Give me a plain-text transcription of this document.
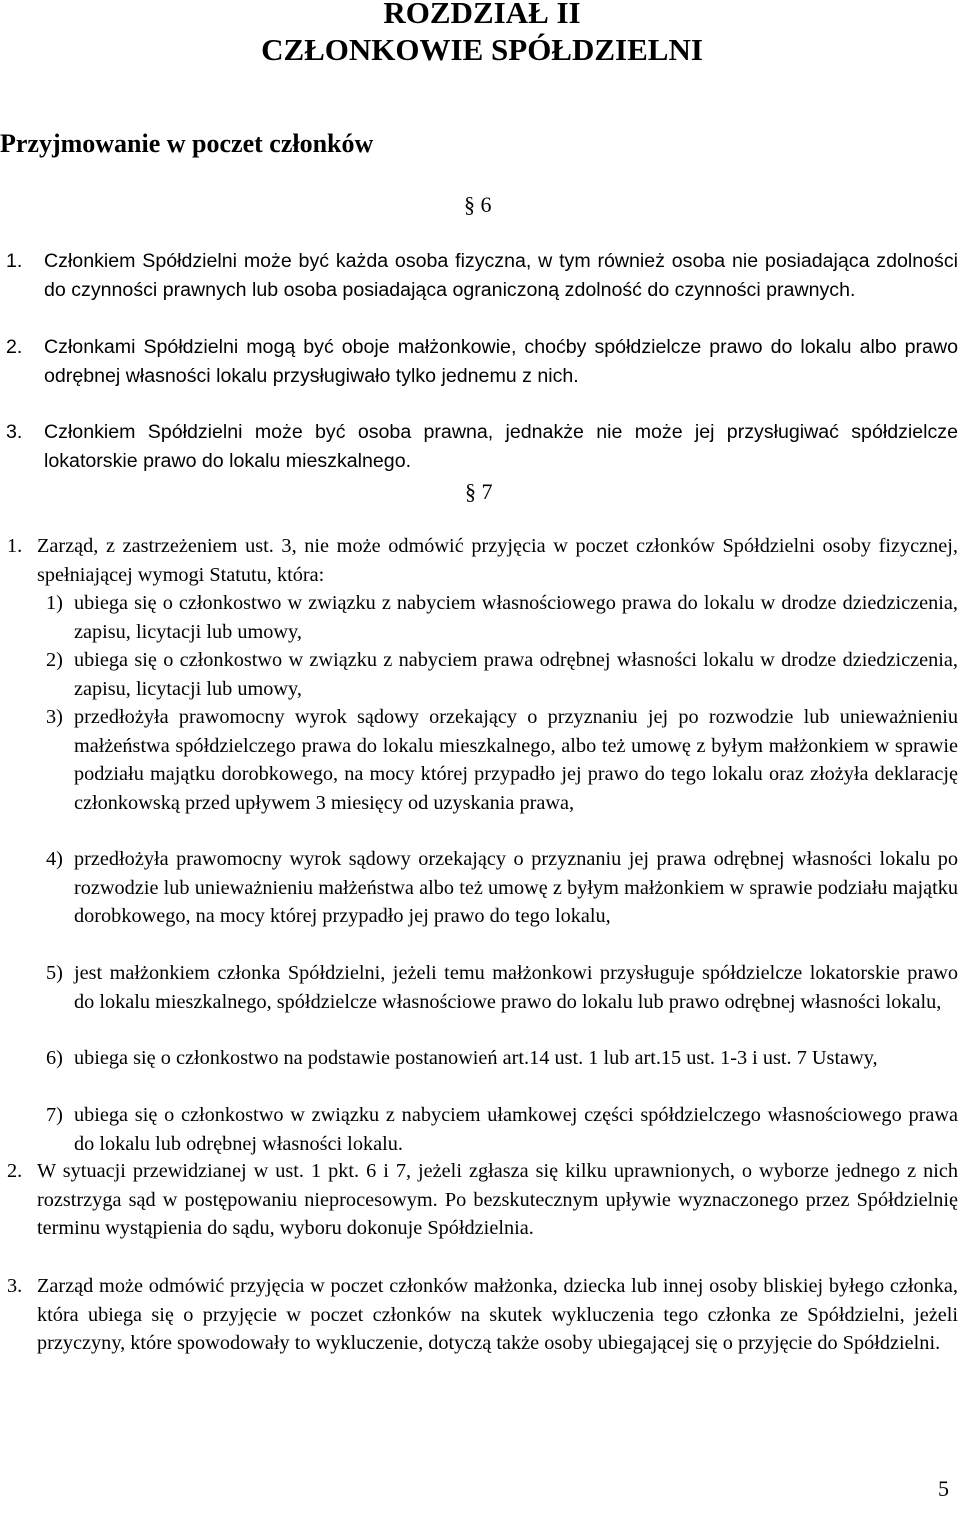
ROZDZIAŁ II
CZŁONKOWIE SPÓŁDZIELNI
Przyjmowanie w poczet członków
§ 6
1. Członkiem Spółdzielni może być każda osoba fizyczna, w tym również osoba nie posiadająca zdolności do czynności prawnych lub osoba posiadająca ograniczoną zdolność do czynności prawnych.
2. Członkami Spółdzielni mogą być oboje małżonkowie, choćby spółdzielcze prawo do lokalu albo prawo odrębnej własności lokalu przysługiwało tylko jednemu z nich.
3. Członkiem Spółdzielni może być osoba prawna, jednakże nie może jej przysługiwać spółdzielcze lokatorskie prawo do lokalu mieszkalnego.
§ 7
1. Zarząd, z zastrzeżeniem ust. 3, nie może odmówić przyjęcia w poczet członków Spółdzielni osoby fizycznej, spełniającej wymogi Statutu, która:
1) ubiega się o członkostwo w związku z nabyciem własnościowego prawa do lokalu w drodze dziedziczenia, zapisu, licytacji lub umowy,
2) ubiega się o członkostwo w związku z nabyciem prawa odrębnej własności lokalu w drodze dziedziczenia, zapisu, licytacji lub umowy,
3) przedłożyła prawomocny wyrok sądowy orzekający o przyznaniu jej po rozwodzie lub unieważnieniu małżeństwa spółdzielczego prawa do lokalu mieszkalnego, albo też umowę z byłym małżonkiem w sprawie podziału majątku dorobkowego, na mocy której przypadło jej prawo do tego lokalu oraz złożyła deklarację członkowską przed upływem 3 miesięcy od uzyskania prawa,
4) przedłożyła prawomocny wyrok sądowy orzekający o przyznaniu jej prawa odrębnej własności lokalu po rozwodzie lub unieważnieniu małżeństwa albo też umowę z byłym małżonkiem w sprawie podziału majątku dorobkowego, na mocy której przypadło jej prawo do tego lokalu,
5) jest małżonkiem członka Spółdzielni, jeżeli temu małżonkowi przysługuje spółdzielcze lokatorskie prawo do lokalu mieszkalnego, spółdzielcze własnościowe prawo do lokalu lub prawo odrębnej własności lokalu,
6) ubiega się o członkostwo na podstawie postanowień art.14 ust. 1 lub art.15 ust. 1-3 i ust. 7 Ustawy,
7) ubiega się o członkostwo w związku z nabyciem ułamkowej części spółdzielczego własnościowego prawa do lokalu lub odrębnej własności lokalu.
2. W sytuacji przewidzianej w ust. 1 pkt. 6 i 7, jeżeli zgłasza się kilku uprawnionych, o wyborze jednego z nich rozstrzyga sąd w postępowaniu nieprocesowym. Po bezskutecznym upływie wyznaczonego przez Spółdzielnię terminu wystąpienia do sądu, wyboru dokonuje Spółdzielnia.
3. Zarząd może odmówić przyjęcia w poczet członków małżonka, dziecka lub innej osoby bliskiej byłego członka, która ubiega się o przyjęcie w poczet członków na skutek wykluczenia tego członka ze Spółdzielni, jeżeli przyczyny, które spowodowały to wykluczenie, dotyczą także osoby ubiegającej się o przyjęcie do Spółdzielni.
5
